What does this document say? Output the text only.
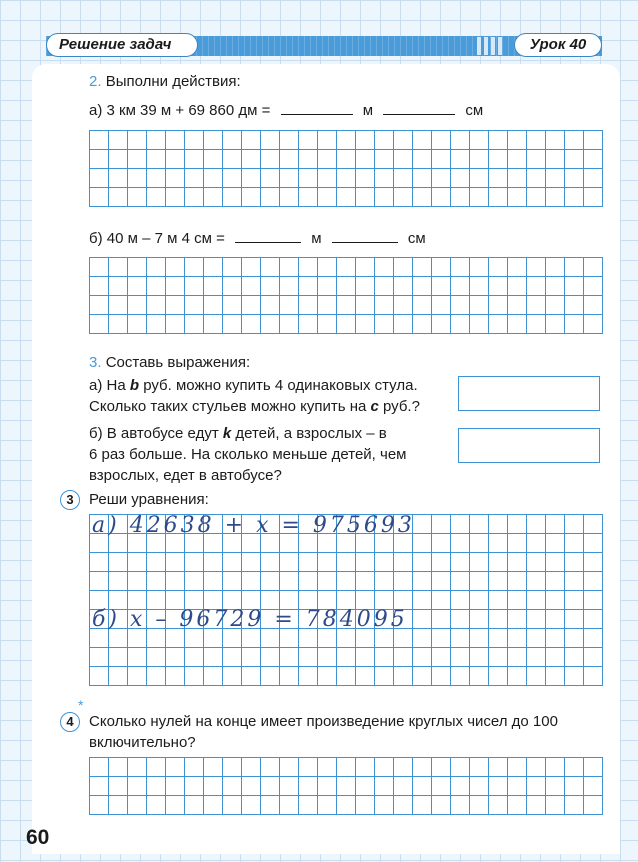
Решение задач	Урок 40
2. Выполни действия:
а) 3 км 39 м + 69 860 дм =	м	см
б) 40 м – 7 м 4 см =	м	см
3. Составь выражения:
а) На b руб. можно купить 4 одинаковых стула.
Сколько таких стульев можно купить на c руб.?
б) В автобусе едут k детей, а взрослых – в
6 раз больше. На сколько меньше детей, чем
взрослых, едет в автобусе?
3	Реши уравнения:
а) 42638 + х = 975693
б) х – 96729 = 784095
*
4	Сколько нулей на конце имеет произведение круглых чисел до 100
включительно?
60
